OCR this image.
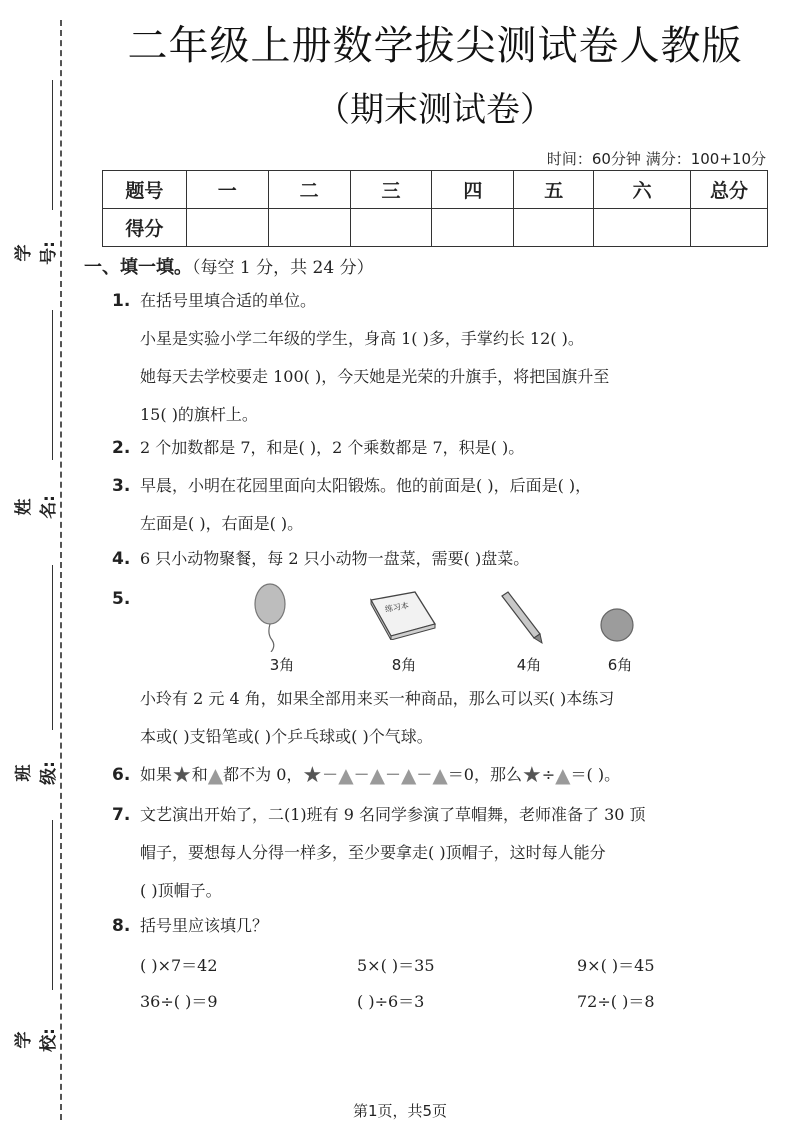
学号:
姓名:
班级:
学校:
二年级上册数学拔尖测试卷人教版
（期末测试卷）
时间：60分钟 满分：100+10分
题号	一	二	三	四	五	六	总分
得分							
一、填一填。（每空 1 分，共 24 分）
1. 在括号里填合适的单位。
小星是实验小学二年级的学生，身高 1( )多，手掌约长 12( )。
她每天去学校要走 100( )，今天她是光荣的升旗手，将把国旗升至
15( )的旗杆上。
2. 2 个加数都是 7，和是( )，2 个乘数都是 7，积是( )。
3. 早晨，小明在花园里面向太阳锻炼。他的前面是( )，后面是( )，
左面是( )，右面是( )。
4. 6 只小动物聚餐，每 2 只小动物一盘菜，需要( )盘菜。
5.	练习本
3角	8角	4角	6角
小玲有 2 元 4 角，如果全部用来买一种商品，那么可以买( )本练习
本或( )支铅笔或( )个乒乓球或( )个气球。
6. 如果★和▲都不为 0，★－▲－▲－▲－▲＝0，那么★÷▲＝( )。
7. 文艺演出开始了，二(1)班有 9 名同学参演了草帽舞，老师准备了 30 顶
帽子，要想每人分得一样多，至少要拿走( )顶帽子，这时每人能分
( )顶帽子。
8. 括号里应该填几？
( )×7＝42	5×( )＝35	9×( )＝45
36÷( )＝9	( )÷6＝3	72÷( )＝8
第1页，共5页
